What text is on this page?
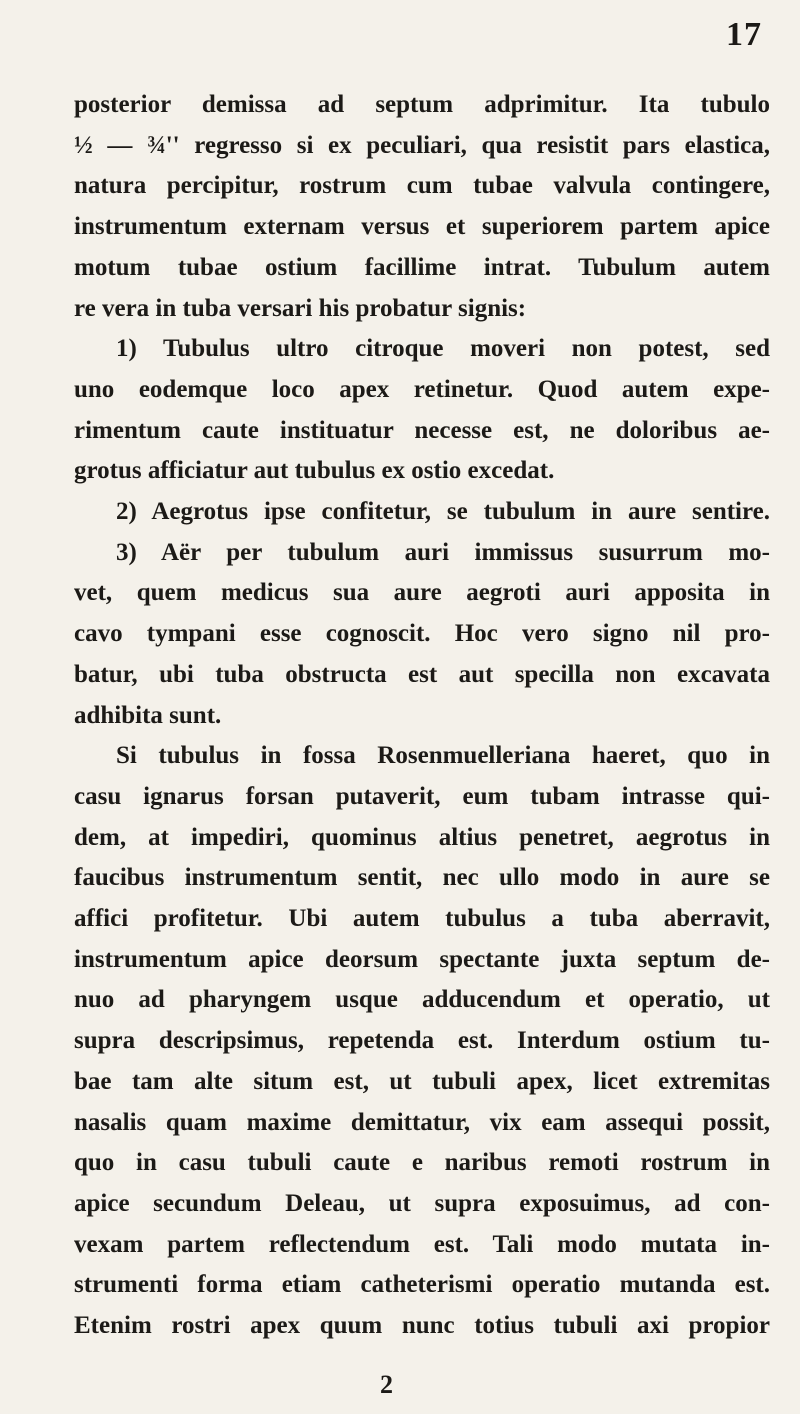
17
posterior demissa ad septum adprimitur. Ita tubulo
½ — ¾'' regresso si ex peculiari, qua resistit pars elastica,
natura percipitur, rostrum cum tubae valvula contingere,
instrumentum externam versus et superiorem partem apice
motum tubae ostium facillime intrat. Tubulum autem
re vera in tuba versari his probatur signis:
1) Tubulus ultro citroque moveri non potest, sed
uno eodemque loco apex retinetur. Quod autem expe-
rimentum caute instituatur necesse est, ne doloribus ae-
grotus afficiatur aut tubulus ex ostio excedat.
2) Aegrotus ipse confitetur, se tubulum in aure sentire.
3) Aër per tubulum auri immissus susurrum mo-
vet, quem medicus sua aure aegroti auri apposita in
cavo tympani esse cognoscit. Hoc vero signo nil pro-
batur, ubi tuba obstructa est aut specilla non excavata
adhibita sunt.
Si tubulus in fossa Rosenmuelleriana haeret, quo in
casu ignarus forsan putaverit, eum tubam intrasse qui-
dem, at impediri, quominus altius penetret, aegrotus in
faucibus instrumentum sentit, nec ullo modo in aure se
affici profitetur. Ubi autem tubulus a tuba aberravit,
instrumentum apice deorsum spectante juxta septum de-
nuo ad pharyngem usque adducendum et operatio, ut
supra descripsimus, repetenda est. Interdum ostium tu-
bae tam alte situm est, ut tubuli apex, licet extremitas
nasalis quam maxime demittatur, vix eam assequi possit,
quo in casu tubuli caute e naribus remoti rostrum in
apice secundum Deleau, ut supra exposuimus, ad con-
vexam partem reflectendum est. Tali modo mutata in-
strumenti forma etiam catheterismi operatio mutanda est.
Etenim rostri apex quum nunc totius tubuli axi propior
2
